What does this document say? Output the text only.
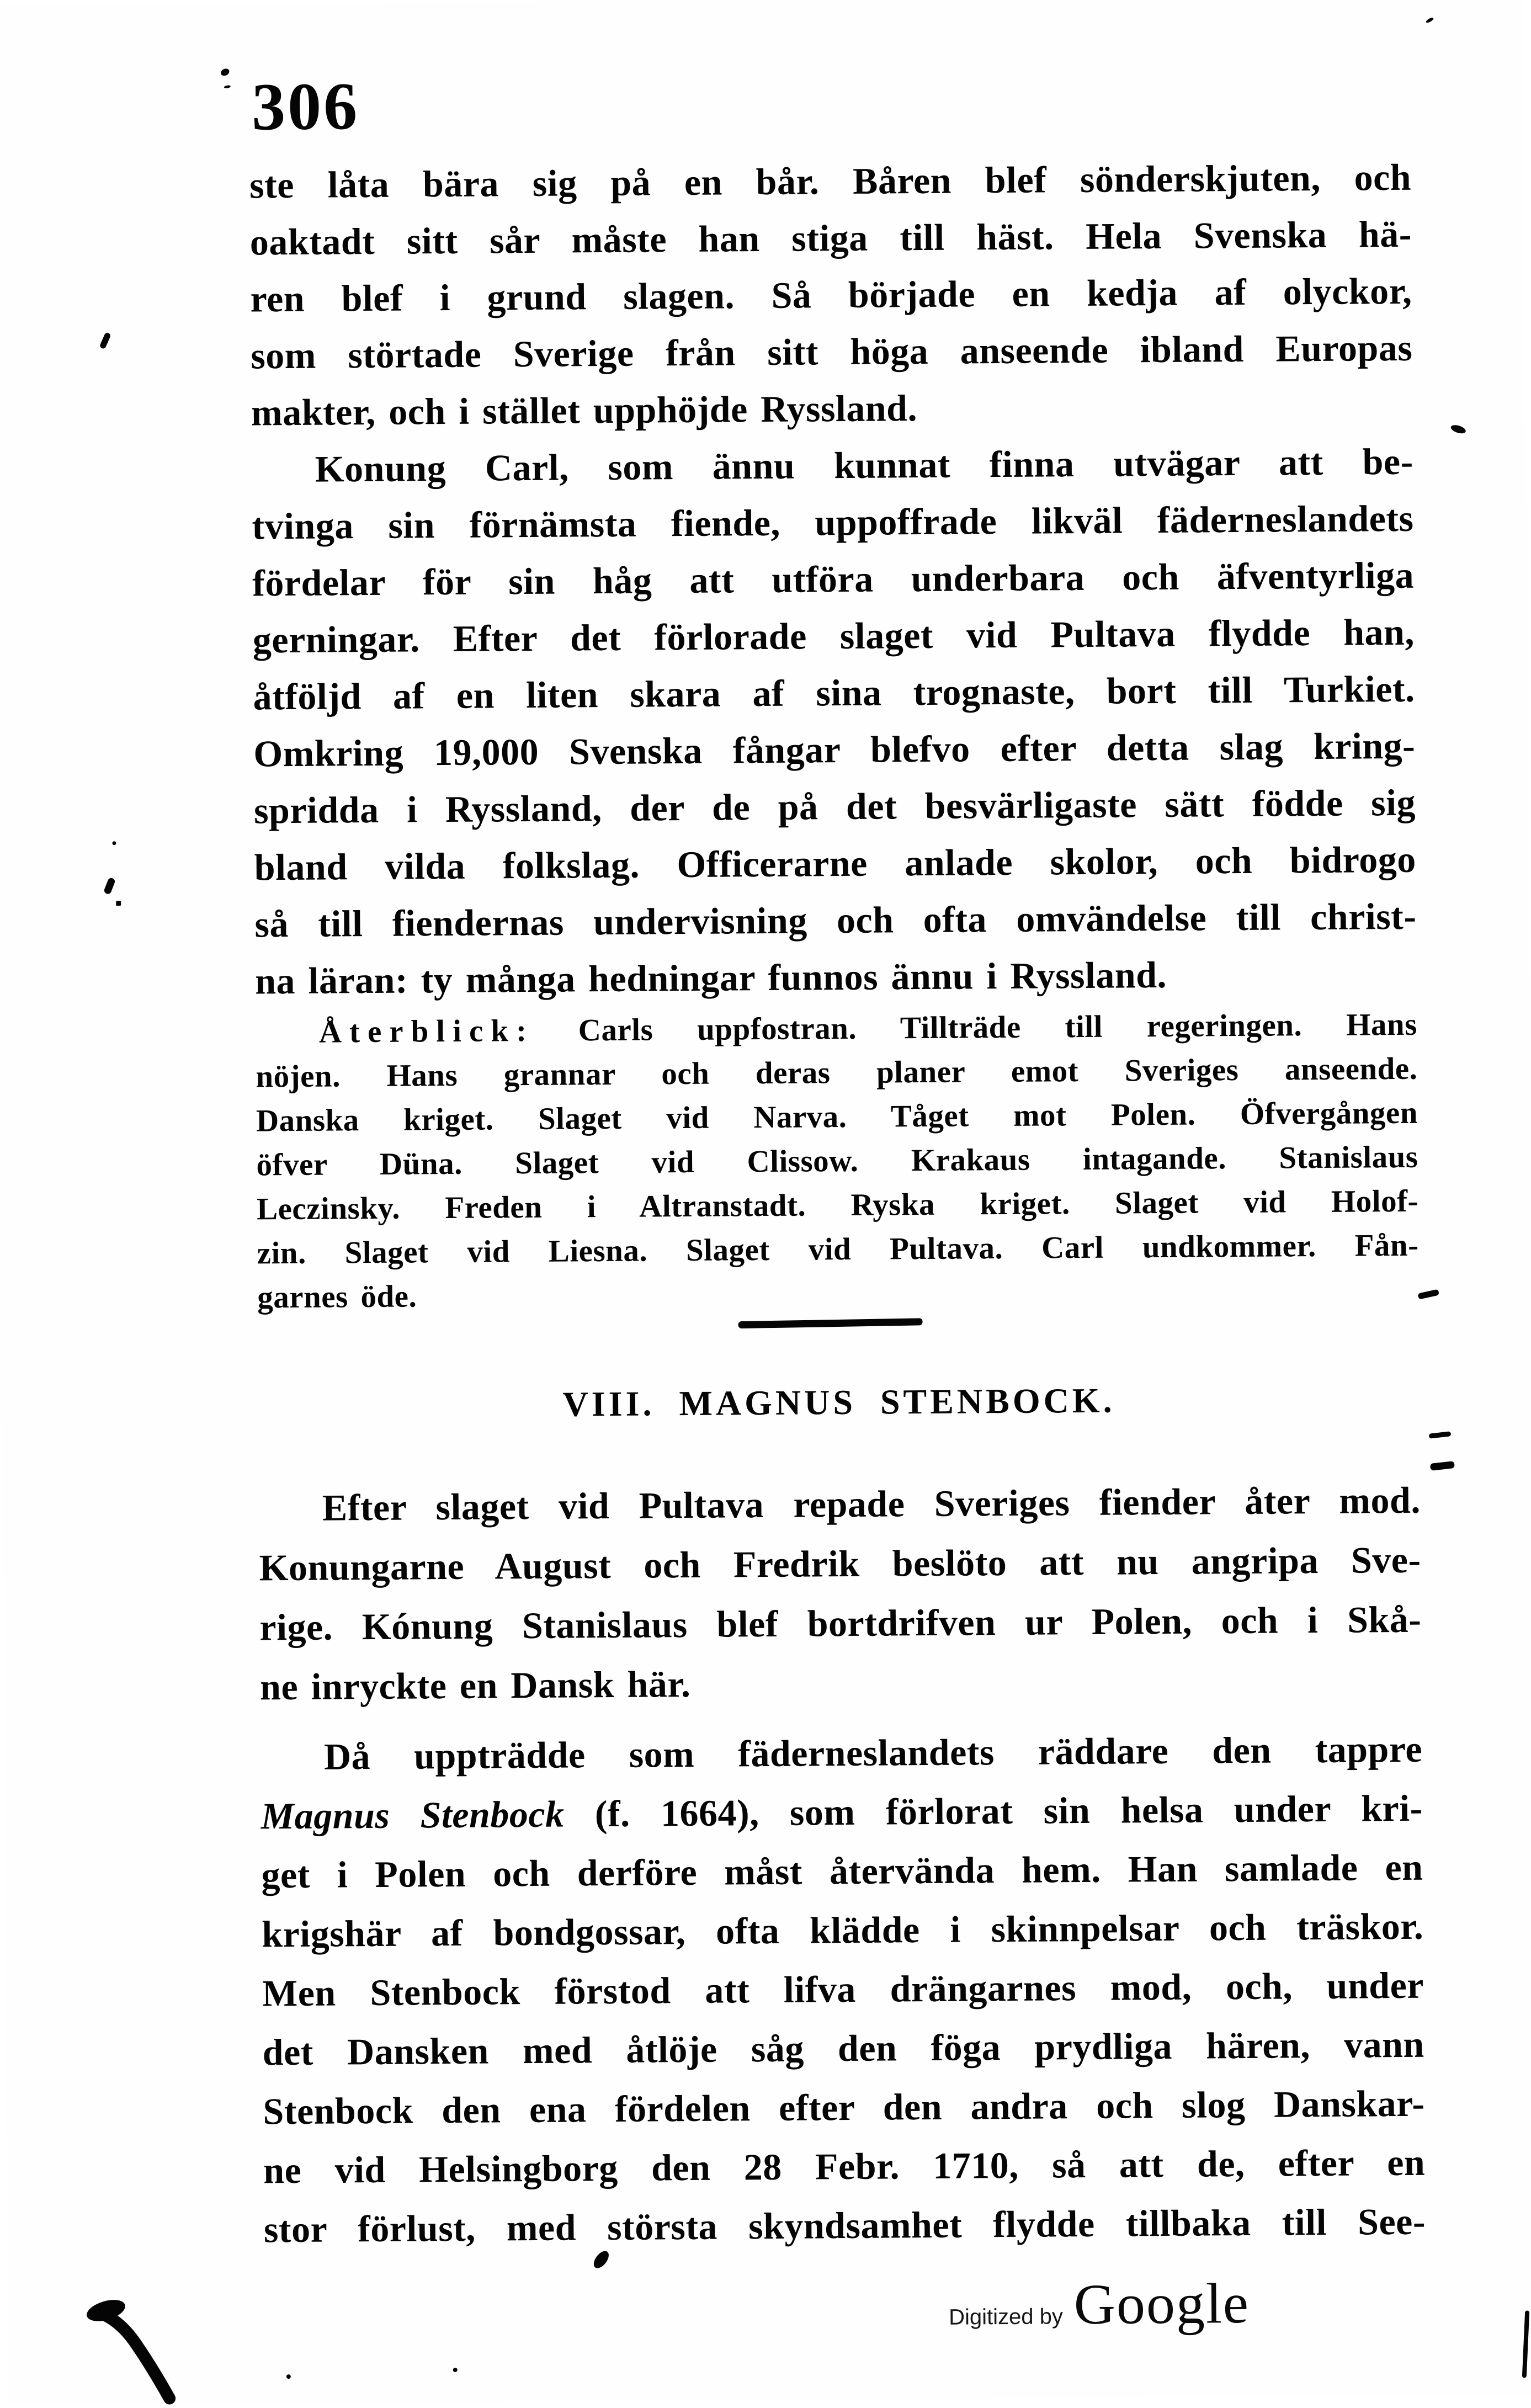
306
ste låta bära sig på en bår. Båren blef sönderskjuten, och
oaktadt sitt sår måste han stiga till häst. Hela Svenska hä-
ren blef i grund slagen. Så började en kedja af olyckor,
som störtade Sverige från sitt höga anseende ibland Europas
makter, och i stället upphöjde Ryssland.
Konung Carl, som ännu kunnat finna utvägar att be-
tvinga sin förnämsta fiende, uppoffrade likväl fäderneslandets
fördelar för sin håg att utföra underbara och äfventyrliga
gerningar. Efter det förlorade slaget vid Pultava flydde han,
åtföljd af en liten skara af sina trognaste, bort till Turkiet.
Omkring 19,000 Svenska fångar blefvo efter detta slag kring-
spridda i Ryssland, der de på det besvärligaste sätt födde sig
bland vilda folkslag. Officerarne anlade skolor, och bidrogo
så till fiendernas undervisning och ofta omvändelse till christ-
na läran: ty många hedningar funnos ännu i Ryssland.
Återblick: Carls uppfostran. Tillträde till regeringen. Hans
nöjen. Hans grannar och deras planer emot Sveriges anseende.
Danska kriget. Slaget vid Narva. Tåget mot Polen. Öfvergången
öfver Düna. Slaget vid Clissow. Krakaus intagande. Stanislaus
Leczinsky. Freden i Altranstadt. Ryska kriget. Slaget vid Holof-
zin. Slaget vid Liesna. Slaget vid Pultava. Carl undkommer. Fån-
garnes öde.
VIII. MAGNUS STENBOCK.
Efter slaget vid Pultava repade Sveriges fiender åter mod.
Konungarne August och Fredrik beslöto att nu angripa Sve-
rige. Kónung Stanislaus blef bortdrifven ur Polen, och i Skå-
ne inryckte en Dansk här.
Då uppträdde som fäderneslandets räddare den tappre
Magnus Stenbock (f. 1664), som förlorat sin helsa under kri-
get i Polen och derföre måst återvända hem. Han samlade en
krigshär af bondgossar, ofta klädde i skinnpelsar och träskor.
Men Stenbock förstod att lifva drängarnes mod, och, under
det Dansken med åtlöje såg den föga prydliga hären, vann
Stenbock den ena fördelen efter den andra och slog Danskar-
ne vid Helsingborg den 28 Febr. 1710, så att de, efter en
stor förlust, med största skyndsamhet flydde tillbaka till See-
Digitized by Google
